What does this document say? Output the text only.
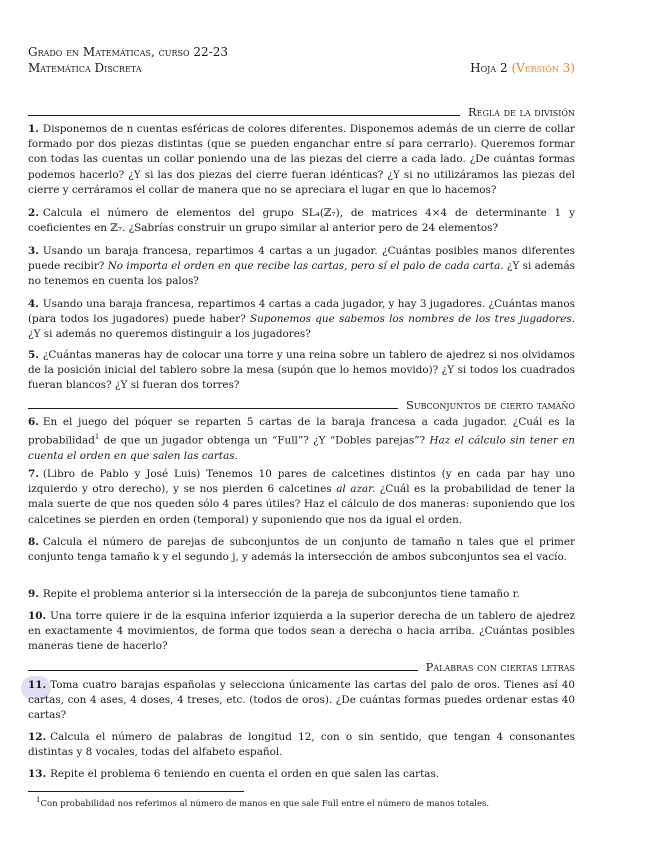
Grado en Matemáticas, curso 22-23
Matemática Discreta	Hoja 2 (Versión 3)
Regla de la división
1. Disponemos de n cuentas esféricas de colores diferentes. Disponemos además de un cierre de collar formado por dos piezas distintas (que se pueden enganchar entre sí para cerrarlo). Queremos formar con todas las cuentas un collar poniendo una de las piezas del cierre a cada lado. ¿De cuántas formas podemos hacerlo? ¿Y si las dos piezas del cierre fueran idénticas? ¿Y si no utilizáramos las piezas del cierre y cerráramos el collar de manera que no se apreciara el lugar en que lo hacemos?
2. Calcula el número de elementos del grupo SL₄(ℤ₇), de matrices 4×4 de determinante 1 y coeficientes en ℤ₇. ¿Sabrías construir un grupo similar al anterior pero de 24 elementos?
3. Usando un baraja francesa, repartimos 4 cartas a un jugador. ¿Cuántas posibles manos diferentes puede recibir? No importa el orden en que recibe las cartas, pero sí el palo de cada carta. ¿Y si además no tenemos en cuenta los palos?
4. Usando una baraja francesa, repartimos 4 cartas a cada jugador, y hay 3 jugadores. ¿Cuántas manos (para todos los jugadores) puede haber? Suponemos que sabemos los nombres de los tres jugadores. ¿Y si además no queremos distinguir a los jugadores?
5. ¿Cuántas maneras hay de colocar una torre y una reina sobre un tablero de ajedrez si nos olvidamos de la posición inicial del tablero sobre la mesa (supón que lo hemos movido)? ¿Y si todos los cuadrados fueran blancos? ¿Y si fueran dos torres?
Subconjuntos de cierto tamaño
6. En el juego del póquer se reparten 5 cartas de la baraja francesa a cada jugador. ¿Cuál es la probabilidad$^1$ de que un jugador obtenga un “Full”? ¿Y “Dobles parejas”? Haz el cálculo sin tener en cuenta el orden en que salen las cartas.
7. (Libro de Pablo y José Luis) Tenemos 10 pares de calcetines distintos (y en cada par hay uno izquierdo y otro derecho), y se nos pierden 6 calcetines al azar. ¿Cuál es la probabilidad de tener la mala suerte de que nos queden sólo 4 pares útiles? Haz el cálculo de dos maneras: suponiendo que los calcetines se pierden en orden (temporal) y suponiendo que nos da igual el orden.
8. Calcula el número de parejas de subconjuntos de un conjunto de tamaño n tales que el primer conjunto tenga tamaño k y el segundo j, y además la intersección de ambos subconjuntos sea el vacío.
9. Repite el problema anterior si la intersección de la pareja de subconjuntos tiene tamaño r.
10. Una torre quiere ir de la esquina inferior izquierda a la superior derecha de un tablero de ajedrez en exactamente 4 movimientos, de forma que todos sean a derecha o hacia arriba. ¿Cuántas posibles maneras tiene de hacerlo?
Palabras con ciertas letras
11. Toma cuatro barajas españolas y selecciona únicamente las cartas del palo de oros. Tienes así 40 cartas, con 4 ases, 4 doses, 4 treses, etc. (todos de oros). ¿De cuántas formas puedes ordenar estas 40 cartas?
12. Calcula el número de palabras de longitud 12, con o sin sentido, que tengan 4 consonantes distintas y 8 vocales, todas del alfabeto español.
13. Repite el problema 6 teniendo en cuenta el orden en que salen las cartas.
$^1$Con probabilidad nos referimos al número de manos en que sale Full entre el número de manos totales.
